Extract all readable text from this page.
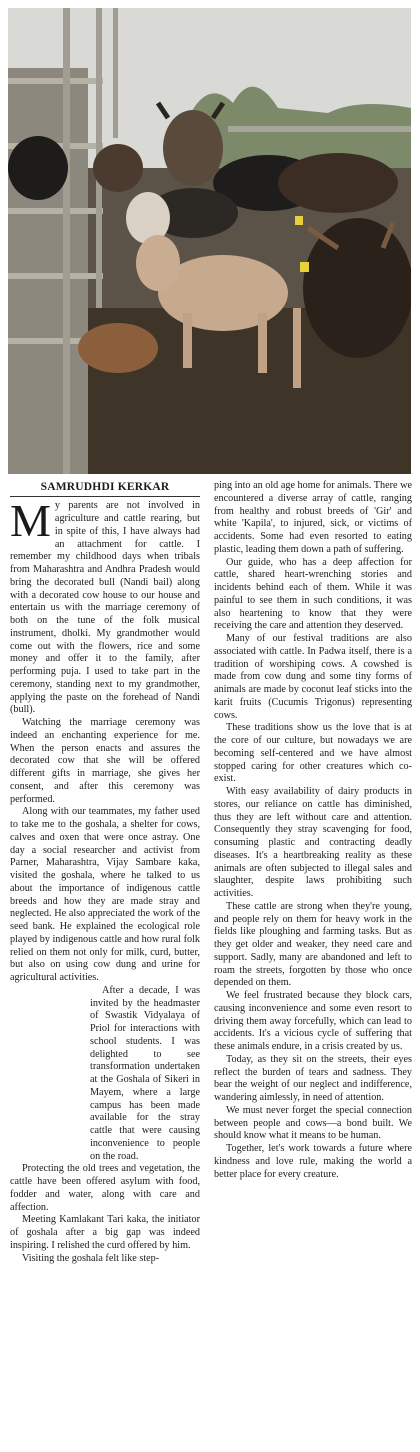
SAMRUDHDI KERKAR

My parents are not involved in agriculture and cattle rearing, but in spite of this, I have always had an attachment for cattle. I remember my childhood days when tribals from Maharashtra and Andhra Pradesh would bring the decorated bull (Nandi bail) along with a decorated cow house to our house and entertain us with the marriage ceremony of both on the tune of the folk musical instrument, dholki. My grandmother would come out with the flowers, rice and some money and offer it to the family, after performing puja. I used to take part in the ceremony, standing next to my grandmother, applying the paste on the forehead of Nandi (bull).

Watching the marriage ceremony was indeed an enchanting experience for me. When the person enacts and assures the decorated cow that she will be offered different gifts in marriage, she gives her consent, and after this ceremony was performed.

Along with our teammates, my father used to take me to the goshala, a shelter for cows, calves and oxen that were once astray. One day a social researcher and activist from Parner, Maharashtra, Vijay Sambare kaka, visited the goshala, where he talked to us about the importance of indigenous cattle breeds and how they are made stray and neglected. He also appreciated the work of the seed bank. He explained the ecological role played by indigenous cattle and how rural folk relied on them not only for milk, curd, butter, but also on using cow dung and urine for agricultural activities.

After a decade, I was invited by the headmaster of Swastik Vidyalaya of Priol for interactions with school students. I was delighted to see transformation undertaken at the Goshala of Sikeri in Mayem, where a large campus has been made available for the stray cattle that were causing inconvenience to people on the road.

Protecting the old trees and vegetation, the cattle have been offered asylum with food, fodder and water, along with care and affection.

Meeting Kamlakant Tari kaka, the initiator of goshala after a big gap was indeed inspiring. I relished the curd offered by him.

Visiting the goshala felt like step-

ping into an old age home for animals. There we encountered a diverse array of cattle, ranging from healthy and robust breeds of 'Gir' and white 'Kapila', to injured, sick, or victims of accidents. Some had even resorted to eating plastic, leading them down a path of suffering.

Our guide, who has a deep affection for cattle, shared heart-wrenching stories and incidents behind each of them. While it was painful to see them in such conditions, it was also heartening to know that they were receiving the care and attention they deserved.

Many of our festival traditions are also associated with cattle. In Padwa itself, there is a tradition of worshiping cows. A cowshed is made from cow dung and some tiny forms of animals are made by coconut leaf sticks into the karit fruits (Cucumis Trigonus) representing cows.

These traditions show us the love that is at the core of our culture, but nowadays we are becoming self-centered and we have almost stopped caring for other creatures which co-exist.

With easy availability of dairy products in stores, our reliance on cattle has diminished, thus they are left without care and attention. Consequently they stray scavenging for food, consuming plastic and contracting deadly diseases. It's a heartbreaking reality as these animals are often subjected to illegal sales and slaughter, despite laws prohibiting such activities.

These cattle are strong when they're young, and people rely on them for heavy work in the fields like ploughing and farming tasks. But as they get older and weaker, they need care and support. Sadly, many are abandoned and left to roam the streets, forgotten by those who once depended on them.

We feel frustrated because they block cars, causing inconvenience and some even resort to driving them away forcefully, which can lead to accidents. It's a vicious cycle of suffering that these animals endure, in a crisis created by us.

Today, as they sit on the streets, their eyes reflect the burden of tears and sadness. They bear the weight of our neglect and indifference, wandering aimlessly, in need of attention.

We must never forget the special connection between people and cows—a bond built. We should know what it means to be human.

Together, let's work towards a future where kindness and love rule, making the world a better place for every creature.
